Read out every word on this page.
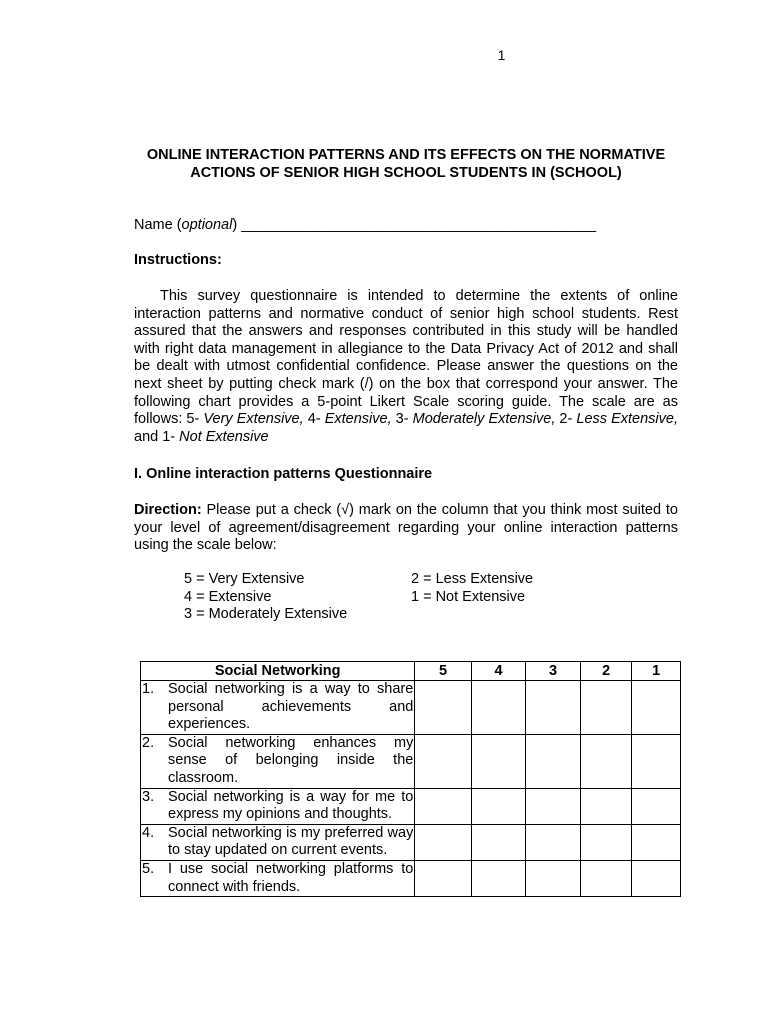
1
ONLINE INTERACTION PATTERNS AND ITS EFFECTS ON THE NORMATIVE ACTIONS OF SENIOR HIGH SCHOOL STUDENTS IN (SCHOOL)
Name (optional) ____________________________________________
Instructions:
This survey questionnaire is intended to determine the extents of online interaction patterns and normative conduct of senior high school students. Rest assured that the answers and responses contributed in this study will be handled with right data management in allegiance to the Data Privacy Act of 2012 and shall be dealt with utmost confidential confidence. Please answer the questions on the next sheet by putting check mark (/) on the box that correspond your answer. The following chart provides a 5-point Likert Scale scoring guide. The scale are as follows: 5- Very Extensive, 4- Extensive, 3- Moderately Extensive, 2- Less Extensive, and 1- Not Extensive
I. Online interaction patterns Questionnaire
Direction: Please put a check (√) mark on the column that you think most suited to your level of agreement/disagreement regarding your online interaction patterns using the scale below:
5 = Very Extensive
4 = Extensive
3 = Moderately Extensive
2 = Less Extensive
1 = Not Extensive
Social Networking	5	4	3	2	1

1. Social networking is a way to share personal achievements and experiences.					

2. Social networking enhances my sense of belonging inside the classroom.					

3. Social networking is a way for me to express my opinions and thoughts.					

4. Social networking is my preferred way to stay updated on current events.					

5. I use social networking platforms to connect with friends.					
